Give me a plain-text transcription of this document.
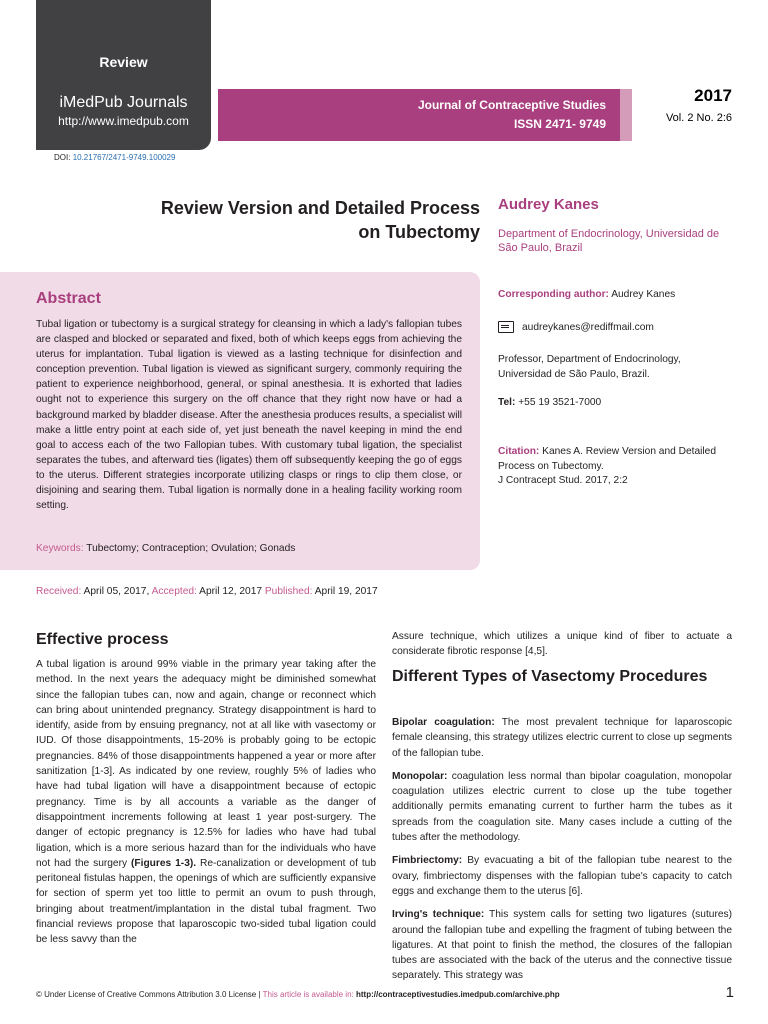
Review
iMedPub Journals
http://www.imedpub.com
Journal of Contraceptive Studies
ISSN 2471- 9749
2017
Vol. 2 No. 2:6
DOI: 10.21767/2471-9749.100029
Review Version and Detailed Process
on Tubectomy
Audrey Kanes
Department of Endocrinology, Universidad de São Paulo, Brazil
Abstract
Tubal ligation or tubectomy is a surgical strategy for cleansing in which a lady's fallopian tubes are clasped and blocked or separated and fixed, both of which keeps eggs from achieving the uterus for implantation. Tubal ligation is viewed as a lasting technique for disinfection and conception prevention. Tubal ligation is viewed as significant surgery, commonly requiring the patient to experience neighborhood, general, or spinal anesthesia. It is exhorted that ladies ought not to experience this surgery on the off chance that they right now have or had a background marked by bladder disease. After the anesthesia produces results, a specialist will make a little entry point at each side of, yet just beneath the navel keeping in mind the end goal to access each of the two Fallopian tubes. With customary tubal ligation, the specialist separates the tubes, and afterward ties (ligates) them off subsequently keeping the go of eggs to the uterus. Different strategies incorporate utilizing clasps or rings to clip them close, or disjoining and searing them. Tubal ligation is normally done in a healing facility working room setting.
Keywords: Tubectomy; Contraception; Ovulation; Gonads
Corresponding author: Audrey Kanes
audreykanes@rediffmail.com
Professor, Department of Endocrinology,
Universidad de São Paulo, Brazil.
Tel: +55 19 3521-7000
Citation: Kanes A. Review Version and Detailed Process on Tubectomy.
J Contracept Stud. 2017, 2:2
Received: April 05, 2017, Accepted: April 12, 2017 Published: April 19, 2017
Effective process
A tubal ligation is around 99% viable in the primary year taking after the method. In the next years the adequacy might be diminished somewhat since the fallopian tubes can, now and again, change or reconnect which can bring about unintended pregnancy. Strategy disappointment is hard to identify, aside from by ensuing pregnancy, not at all like with vasectomy or IUD. Of those disappointments, 15-20% is probably going to be ectopic pregnancies. 84% of those disappointments happened a year or more after sanitization [1-3]. As indicated by one review, roughly 5% of ladies who have had tubal ligation will have a disappointment because of ectopic pregnancy. Time is by all accounts a variable as the danger of disappointment increments following at least 1 year post-surgery. The danger of ectopic pregnancy is 12.5% for ladies who have had tubal ligation, which is a more serious hazard than for the individuals who have not had the surgery (Figures 1-3). Re-canalization or development of tub peritoneal fistulas happen, the openings of which are sufficiently expansive for section of sperm yet too little to permit an ovum to push through, bringing about treatment/implantation in the distal tubal fragment. Two financial reviews propose that laparoscopic two-sided tubal ligation could be less savvy than the
Assure technique, which utilizes a unique kind of fiber to actuate a considerate fibrotic response [4,5].
Different Types of Vasectomy Procedures

Bipolar coagulation: The most prevalent technique for laparoscopic female cleansing, this strategy utilizes electric current to close up segments of the fallopian tube.

Monopolar: coagulation less normal than bipolar coagulation, monopolar coagulation utilizes electric current to close up the tube together additionally permits emanating current to further harm the tubes as it spreads from the coagulation site. Many cases include a cutting of the tubes after the methodology.

Fimbriectomy: By evacuating a bit of the fallopian tube nearest to the ovary, fimbriectomy dispenses with the fallopian tube's capacity to catch eggs and exchange them to the uterus [6].

Irving's technique: This system calls for setting two ligatures (sutures) around the fallopian tube and expelling the fragment of tubing between the ligatures. At that point to finish the method, the closures of the fallopian tubes are associated with the back of the uterus and the connective tissue separately. This strategy was

© Under License of Creative Commons Attribution 3.0 License | This article is available in: http://contraceptivestudies.imedpub.com/archive.php	1
